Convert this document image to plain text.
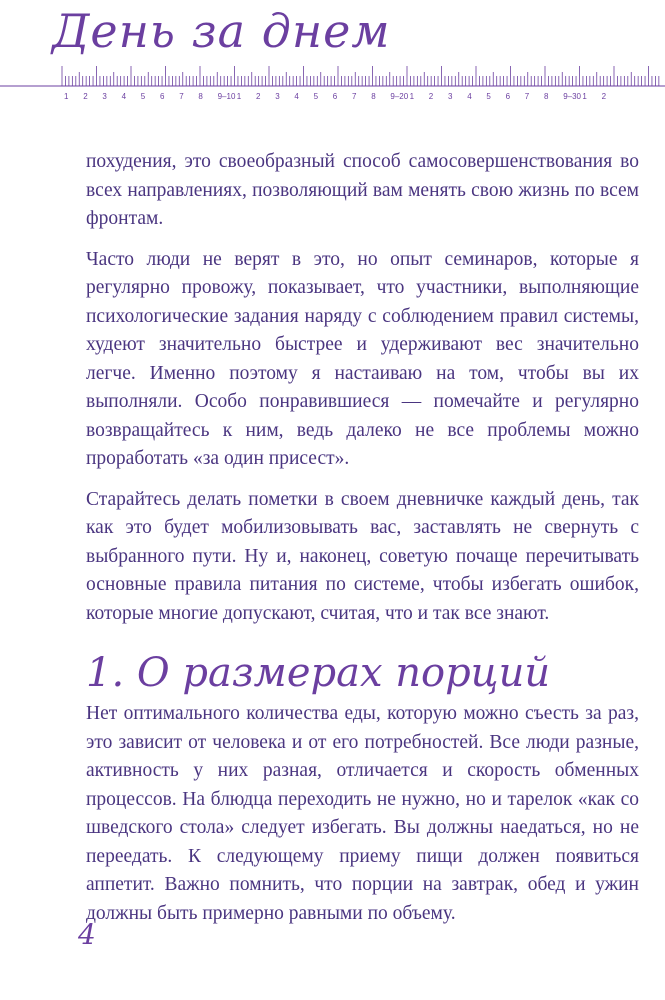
День за днем
1 2 3 4 5 6 7 8 9–10 1 2 3 4 5 6 7 8 9–20 1 2 3 4 5 6 7 8 9–30 1 2

похудения, это своеобразный способ самосовершенствования во всех направлениях, позволяющий вам менять свою жизнь по всем фронтам.

Часто люди не верят в это, но опыт семинаров, которые я регулярно провожу, показывает, что участники, выполняющие психологические задания наряду с соблюдением правил системы, худеют значительно быстрее и удерживают вес значительно легче. Именно поэтому я настаиваю на том, чтобы вы их выполняли. Особо понравившиеся — помечайте и регулярно возвращайтесь к ним, ведь далеко не все проблемы можно проработать «за один присест».

Старайтесь делать пометки в своем дневничке каждый день, так как это будет мобилизовывать вас, заставлять не свернуть с выбранного пути. Ну и, наконец, советую почаще перечитывать основные правила питания по системе, чтобы избегать ошибок, которые многие допускают, считая, что и так все знают.

1. О размерах порций

Нет оптимального количества еды, которую можно съесть за раз, это зависит от человека и от его потребностей. Все люди разные, активность у них разная, отличается и скорость обменных процессов. На блюдца переходить не нужно, но и тарелок «как со шведского стола» следует избегать. Вы должны наедаться, но не переедать. К следующему приему пищи должен появиться аппетит. Важно помнить, что порции на завтрак, обед и ужин должны быть примерно равными по объему.

4
